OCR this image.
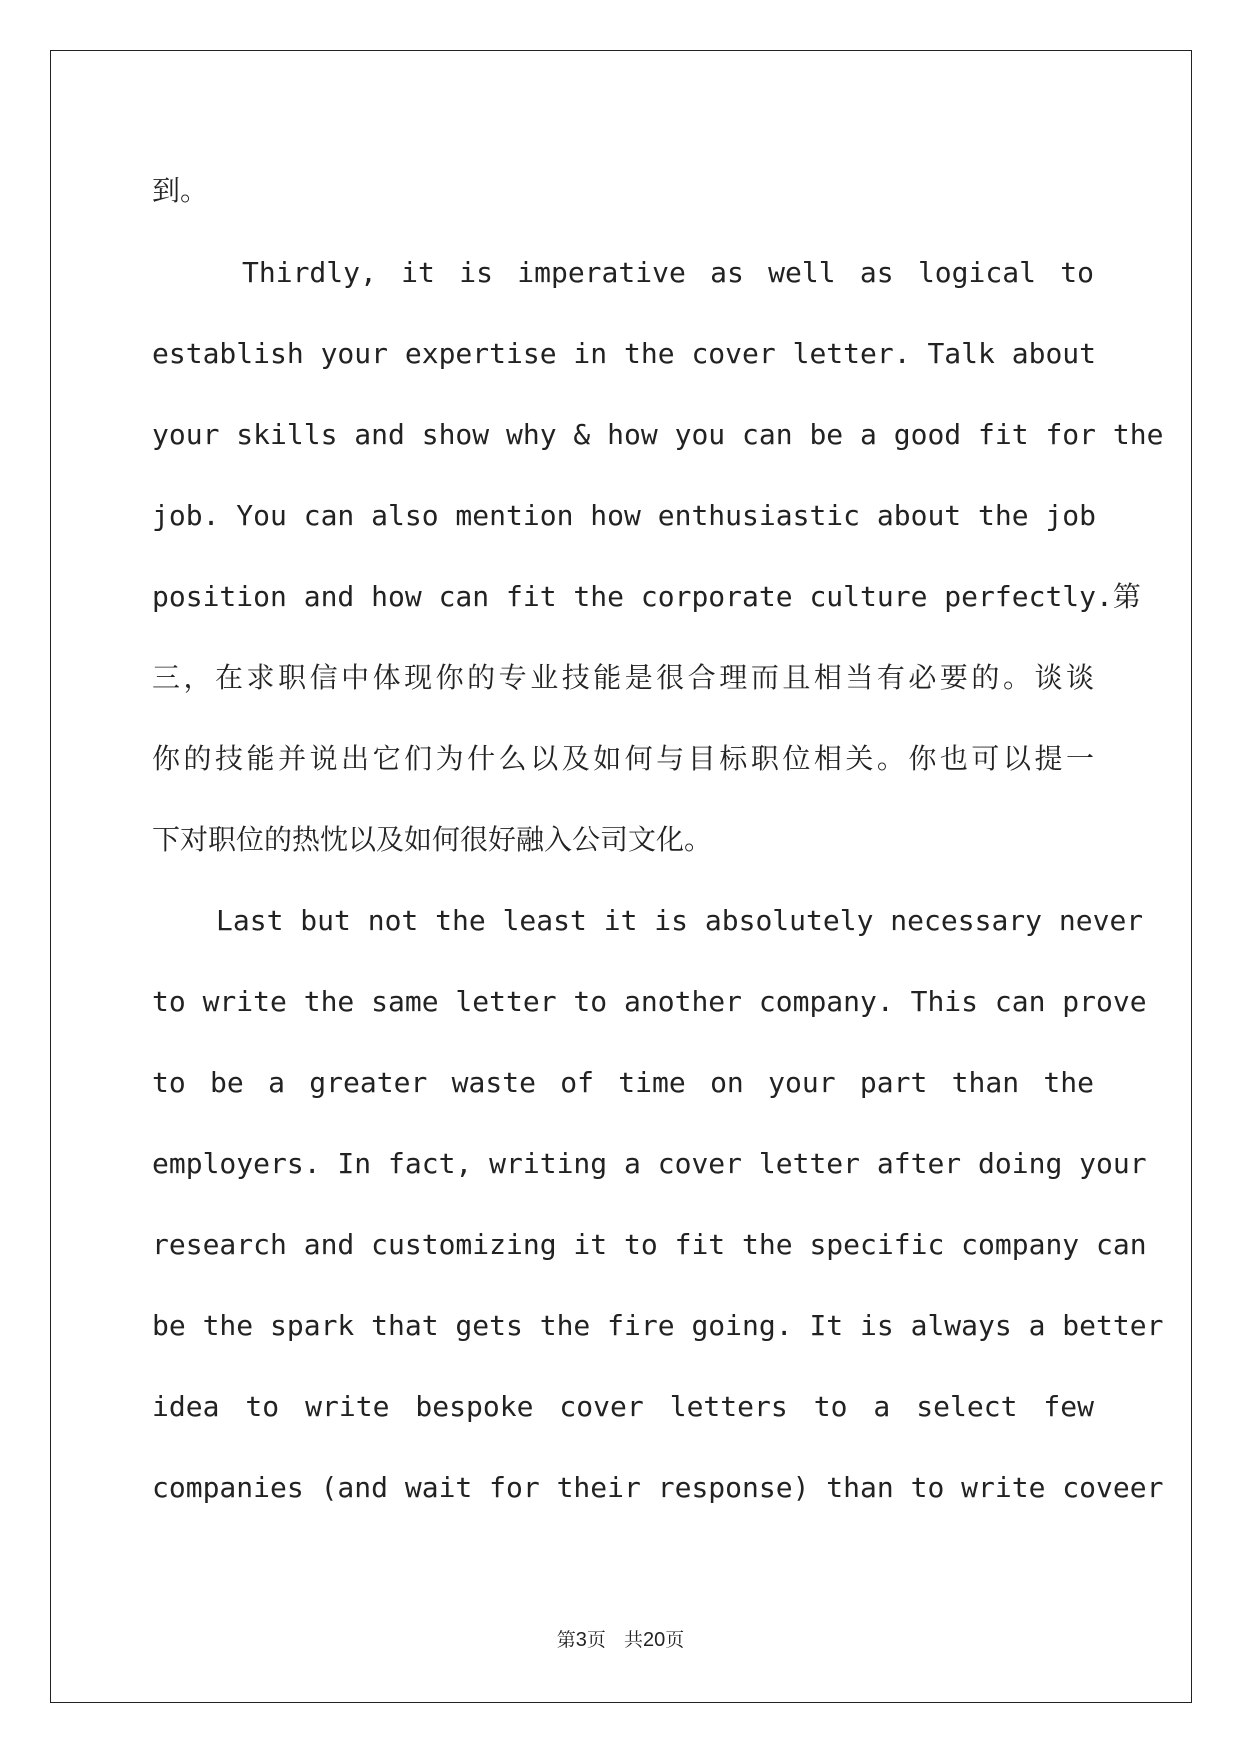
到。
Thirdly, it is imperative as well as logical to
establish your expertise in the cover letter. Talk about
your skills and show why & how you can be a good fit for the
job. You can also mention how enthusiastic about the job
position and how can fit the corporate culture perfectly.第
三，在求职信中体现你的专业技能是很合理而且相当有必要的。谈谈
你的技能并说出它们为什么以及如何与目标职位相关。你也可以提一
下对职位的热忱以及如何很好融入公司文化。
Last but not the least it is absolutely necessary never
to write the same letter to another company. This can prove
to be a greater waste of time on your part than the
employers. In fact, writing a cover letter after doing your
research and customizing it to fit the specific company can
be the spark that gets the fire going. It is always a better
idea to write bespoke cover letters to a select few
companies (and wait for their response) than to write coveer
第3页 共20页
